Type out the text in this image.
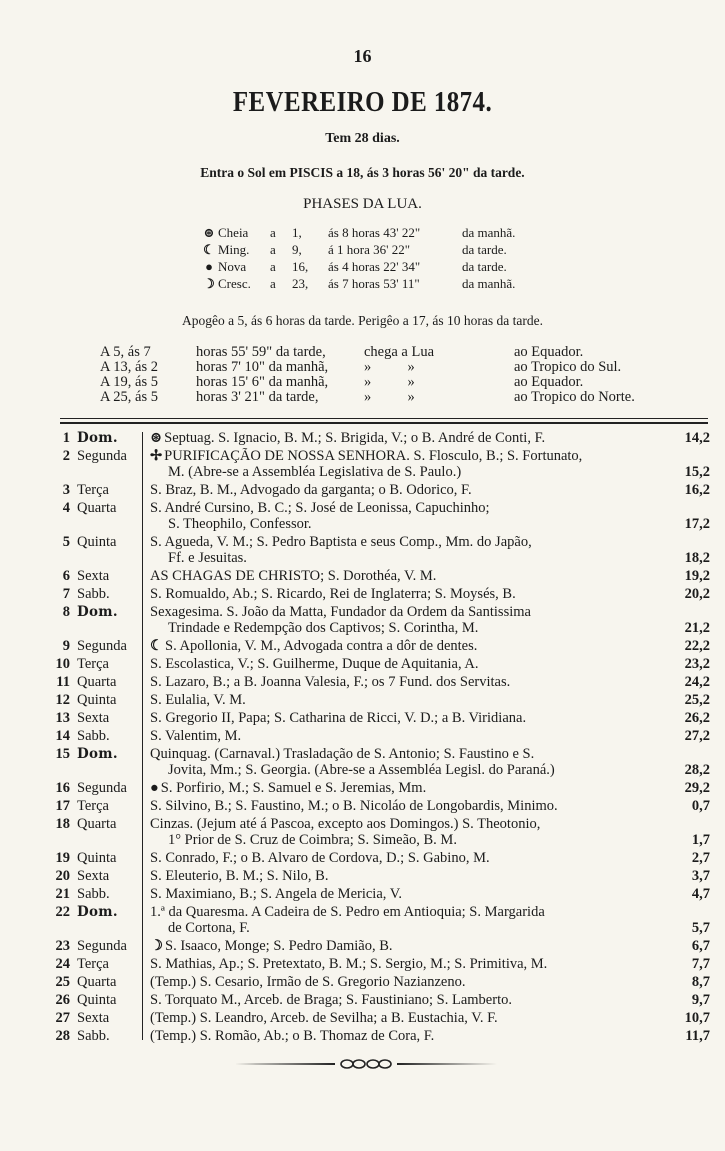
16
FEVEREIRO DE 1874.
Tem 28 dias.
Entra o Sol em PISCIS a 18, ás 3 horas 56' 20" da tarde.
PHASES DA LUA.
⊛ Cheia a 1, ás 8 horas 43' 22"	da manhã.
☾ Ming. a 9, á 1 hora 36' 22"	da tarde.
● Nova a 16, ás 4 horas 22' 34"	da tarde.
☽ Cresc. a 23, ás 7 horas 53' 11"	da manhã.
Apogêo a 5, ás 6 horas da tarde. Perigêo a 17, ás 10 horas da tarde.
A 5, ás 7	horas 55' 59" da tarde,	chega a Lua	ao Equador.
A 13, ás 2	horas 7' 10" da manhã, »          »	ao Tropico do Sul.
A 19, ás 5	horas 15' 6" da manhã, »          »	ao Equador.
A 25, ás 5	horas 3' 21" da tarde,	»          »	ao Tropico do Norte.
1 Dom. ⊛ Septuag. S. Ignacio, B. M.; S. Brigida, V.; o B. André de Conti, F.	14,2
2 Segunda ✢ PURIFICAÇÃO DE NOSSA SENHORA. S. Flosculo, B.; S. Fortunato,
M. (Abre-se a Assembléa Legislativa de S. Paulo.)	15,2
3 Terça	S. Braz, B. M., Advogado da garganta; o B. Odorico, F.	16,2
4 Quarta S. André Cursino, B. C.; S. José de Leonissa, Capuchinho;
S. Theophilo, Confessor.	17,2
5 Quinta S. Agueda, V. M.; S. Pedro Baptista e seus Comp., Mm. do Japão,
Ff. e Jesuitas.	18,2
6 Sexta	AS CHAGAS DE CHRISTO; S. Dorothéa, V. M.	19,2
7 Sabb.	S. Romualdo, Ab.; S. Ricardo, Rei de Inglaterra; S. Moysés, B.	20,2
8 Dom. Sexagesima. S. João da Matta, Fundador da Ordem da Santissima
Trindade e Redempção dos Captivos; S. Corintha, M.	21,2
9 Segunda ☾ S. Apollonia, V. M., Advogada contra a dôr de dentes.	22,2
10 Terça	S. Escolastica, V.; S. Guilherme, Duque de Aquitania, A.	23,2
11 Quarta S. Lazaro, B.; a B. Joanna Valesia, F.; os 7 Fund. dos Servitas.	24,2
12 Quinta S. Eulalia, V. M.	25,2
13 Sexta	S. Gregorio II, Papa; S. Catharina de Ricci, V. D.; a B. Viridiana.	26,2
14 Sabb.	S. Valentim, M.	27,2
15 Dom. Quinquag. (Carnaval.) Trasladação de S. Antonio; S. Faustino e S.
Jovita, Mm.; S. Georgia. (Abre-se a Assembléa Legisl. do Paraná.)	28,2
16 Segunda ● S. Porfirio, M.; S. Samuel e S. Jeremias, Mm.	29,2
17 Terça	S. Silvino, B.; S. Faustino, M.; o B. Nicoláo de Longobardis, Minimo.	0,7
18 Quarta Cinzas. (Jejum até á Pascoa, excepto aos Domingos.) S. Theotonio,
1° Prior de S. Cruz de Coimbra; S. Simeão, B. M.	1,7
19 Quinta S. Conrado, F.; o B. Alvaro de Cordova, D.; S. Gabino, M.	2,7
20 Sexta	S. Eleuterio, B. M.; S. Nilo, B.	3,7
21 Sabb.	S. Maximiano, B.; S. Angela de Mericia, V.	4,7
22 Dom. 1.ª da Quaresma. A Cadeira de S. Pedro em Antioquia; S. Margarida
de Cortona, F.	5,7
23 Segunda ☽ S. Isaaco, Monge; S. Pedro Damião, B.	6,7
24 Terça	S. Mathias, Ap.; S. Pretextato, B. M.; S. Sergio, M.; S. Primitiva, M.	7,7
25 Quarta (Temp.) S. Cesario, Irmão de S. Gregorio Nazianzeno.	8,7
26 Quinta S. Torquato M., Arceb. de Braga; S. Faustiniano; S. Lamberto.	9,7
27 Sexta	(Temp.) S. Leandro, Arceb. de Sevilha; a B. Eustachia, V. F.	10,7
28 Sabb.	(Temp.) S. Romão, Ab.; o B. Thomaz de Cora, F.	11,7
